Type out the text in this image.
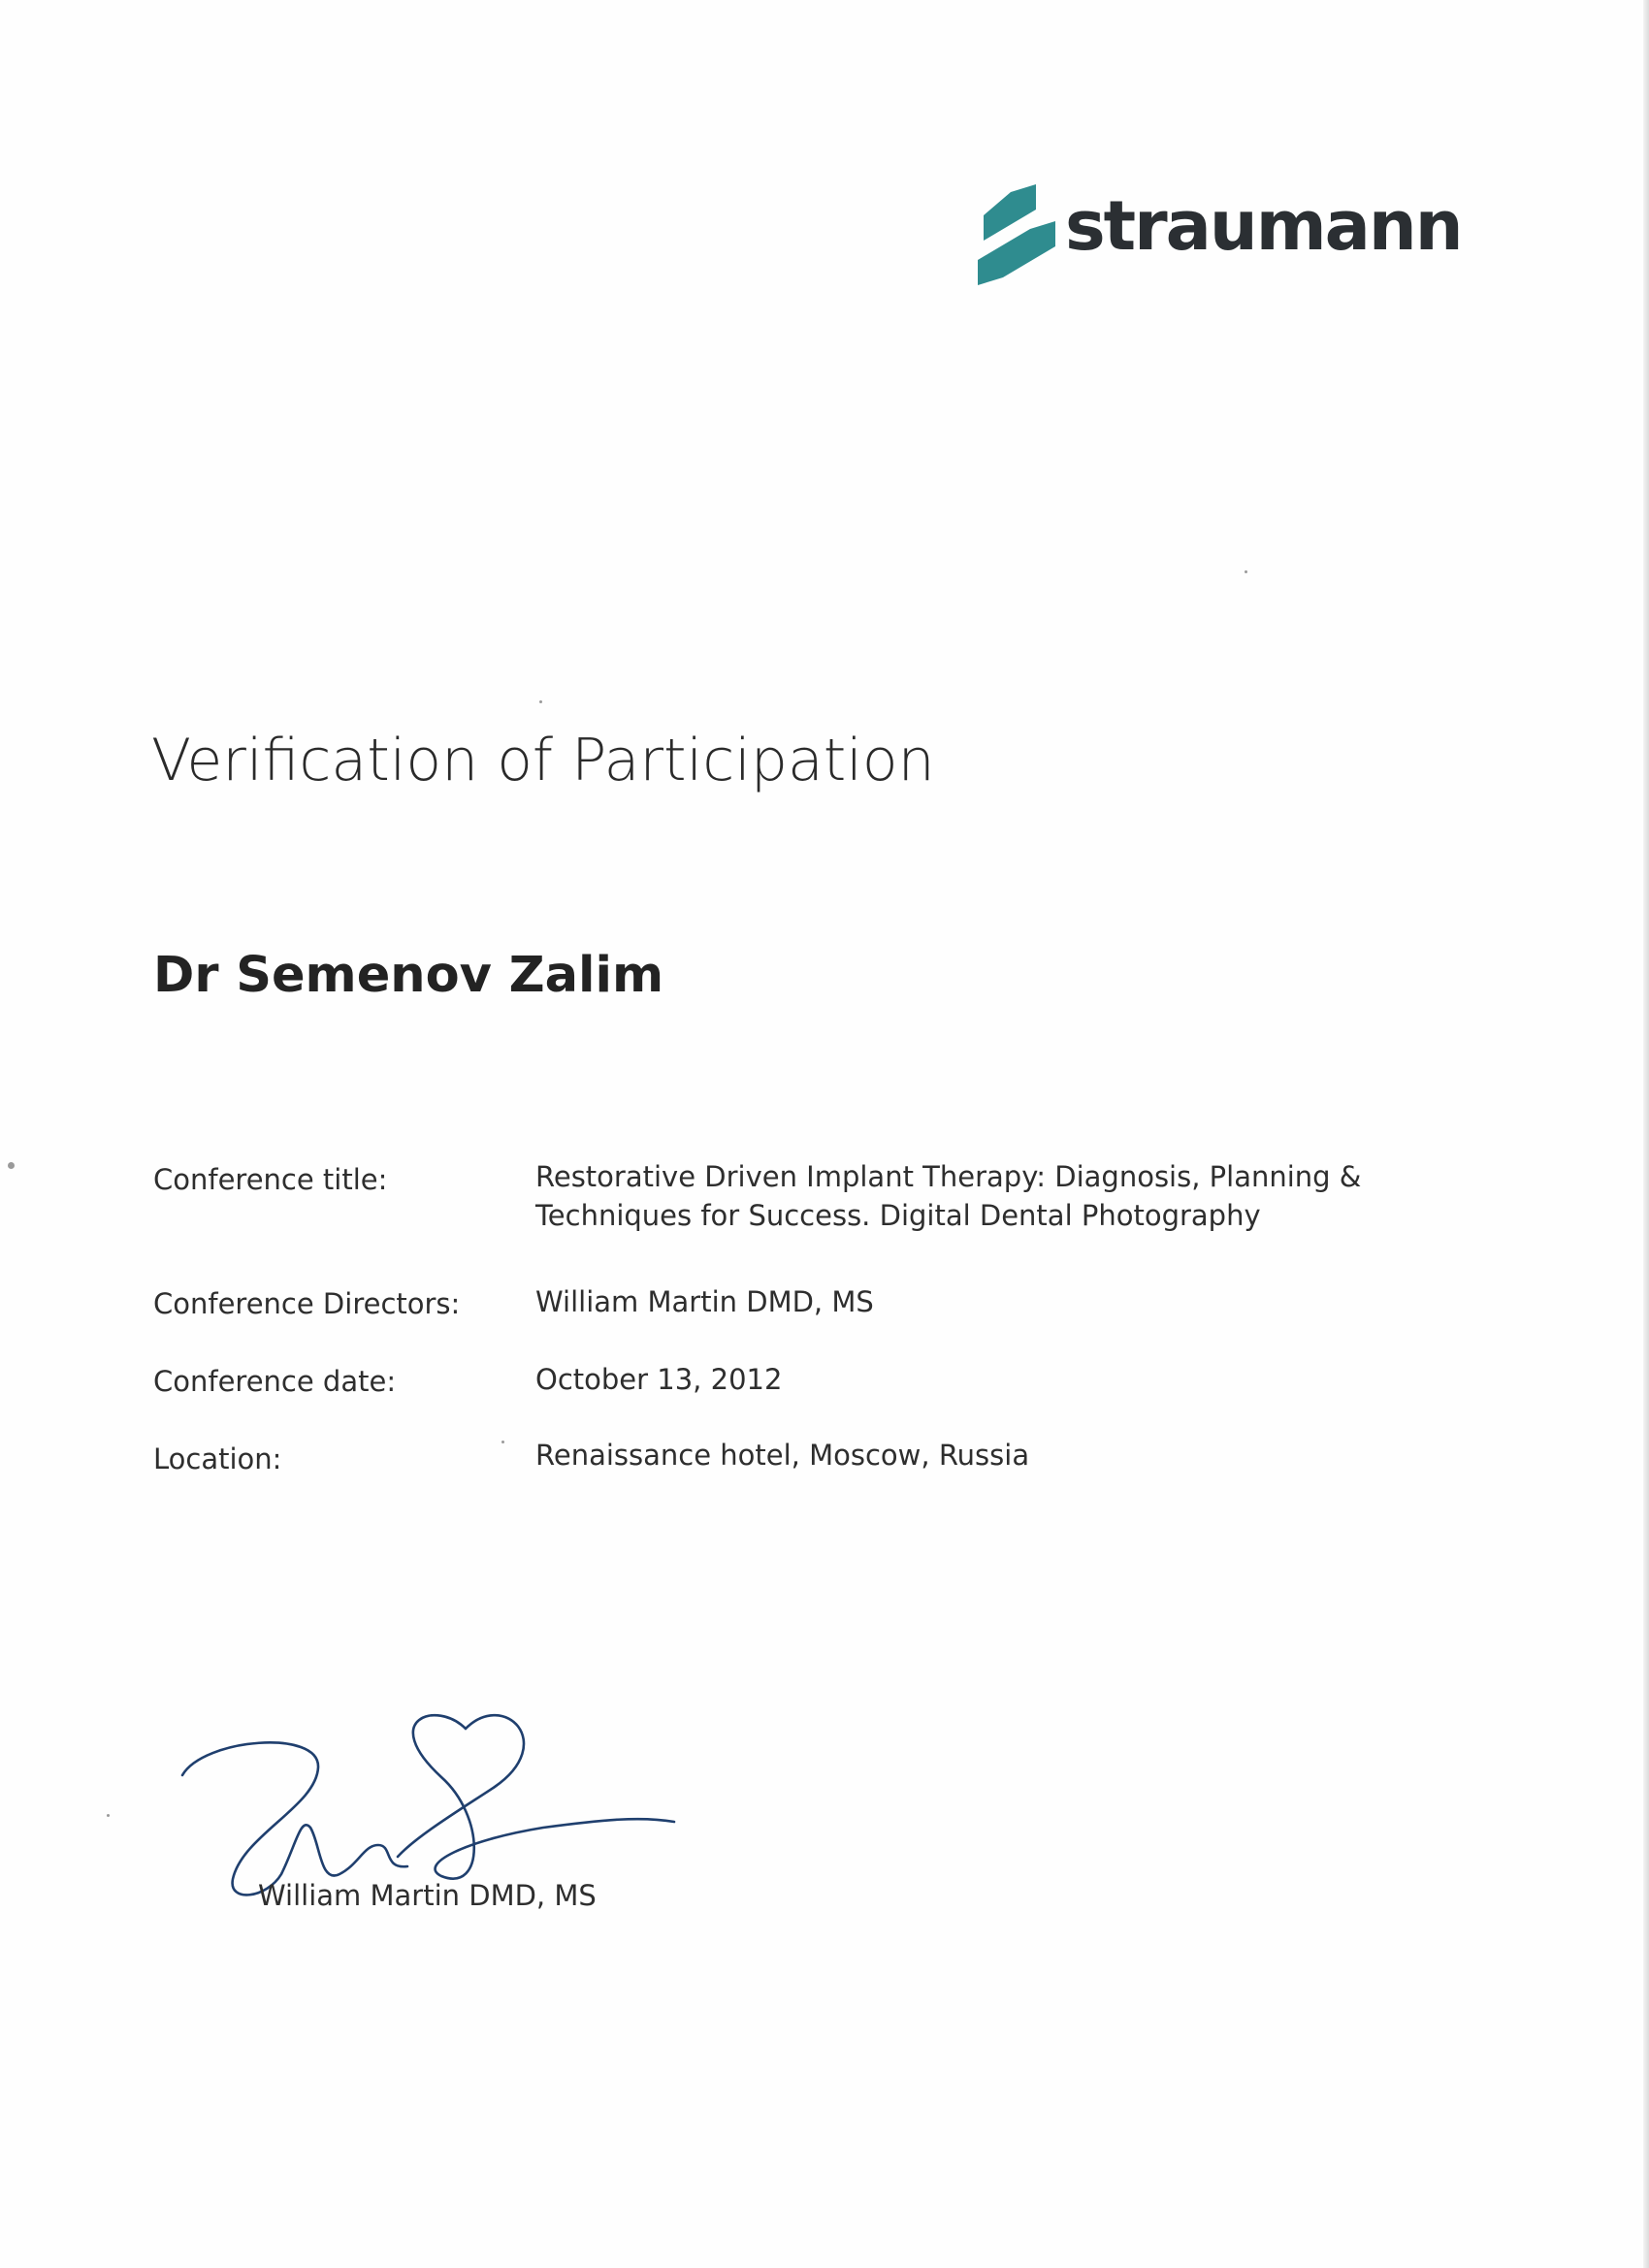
straumann
Verification of Participation
Dr Semenov Zalim
Conference title:	Restorative Driven Implant Therapy: Diagnosis, Planning &
Techniques for Success. Digital Dental Photography
Conference Directors:	William Martin DMD, MS
Conference date:	October 13, 2012
Location:	Renaissance hotel, Moscow, Russia
William Martin DMD, MS
